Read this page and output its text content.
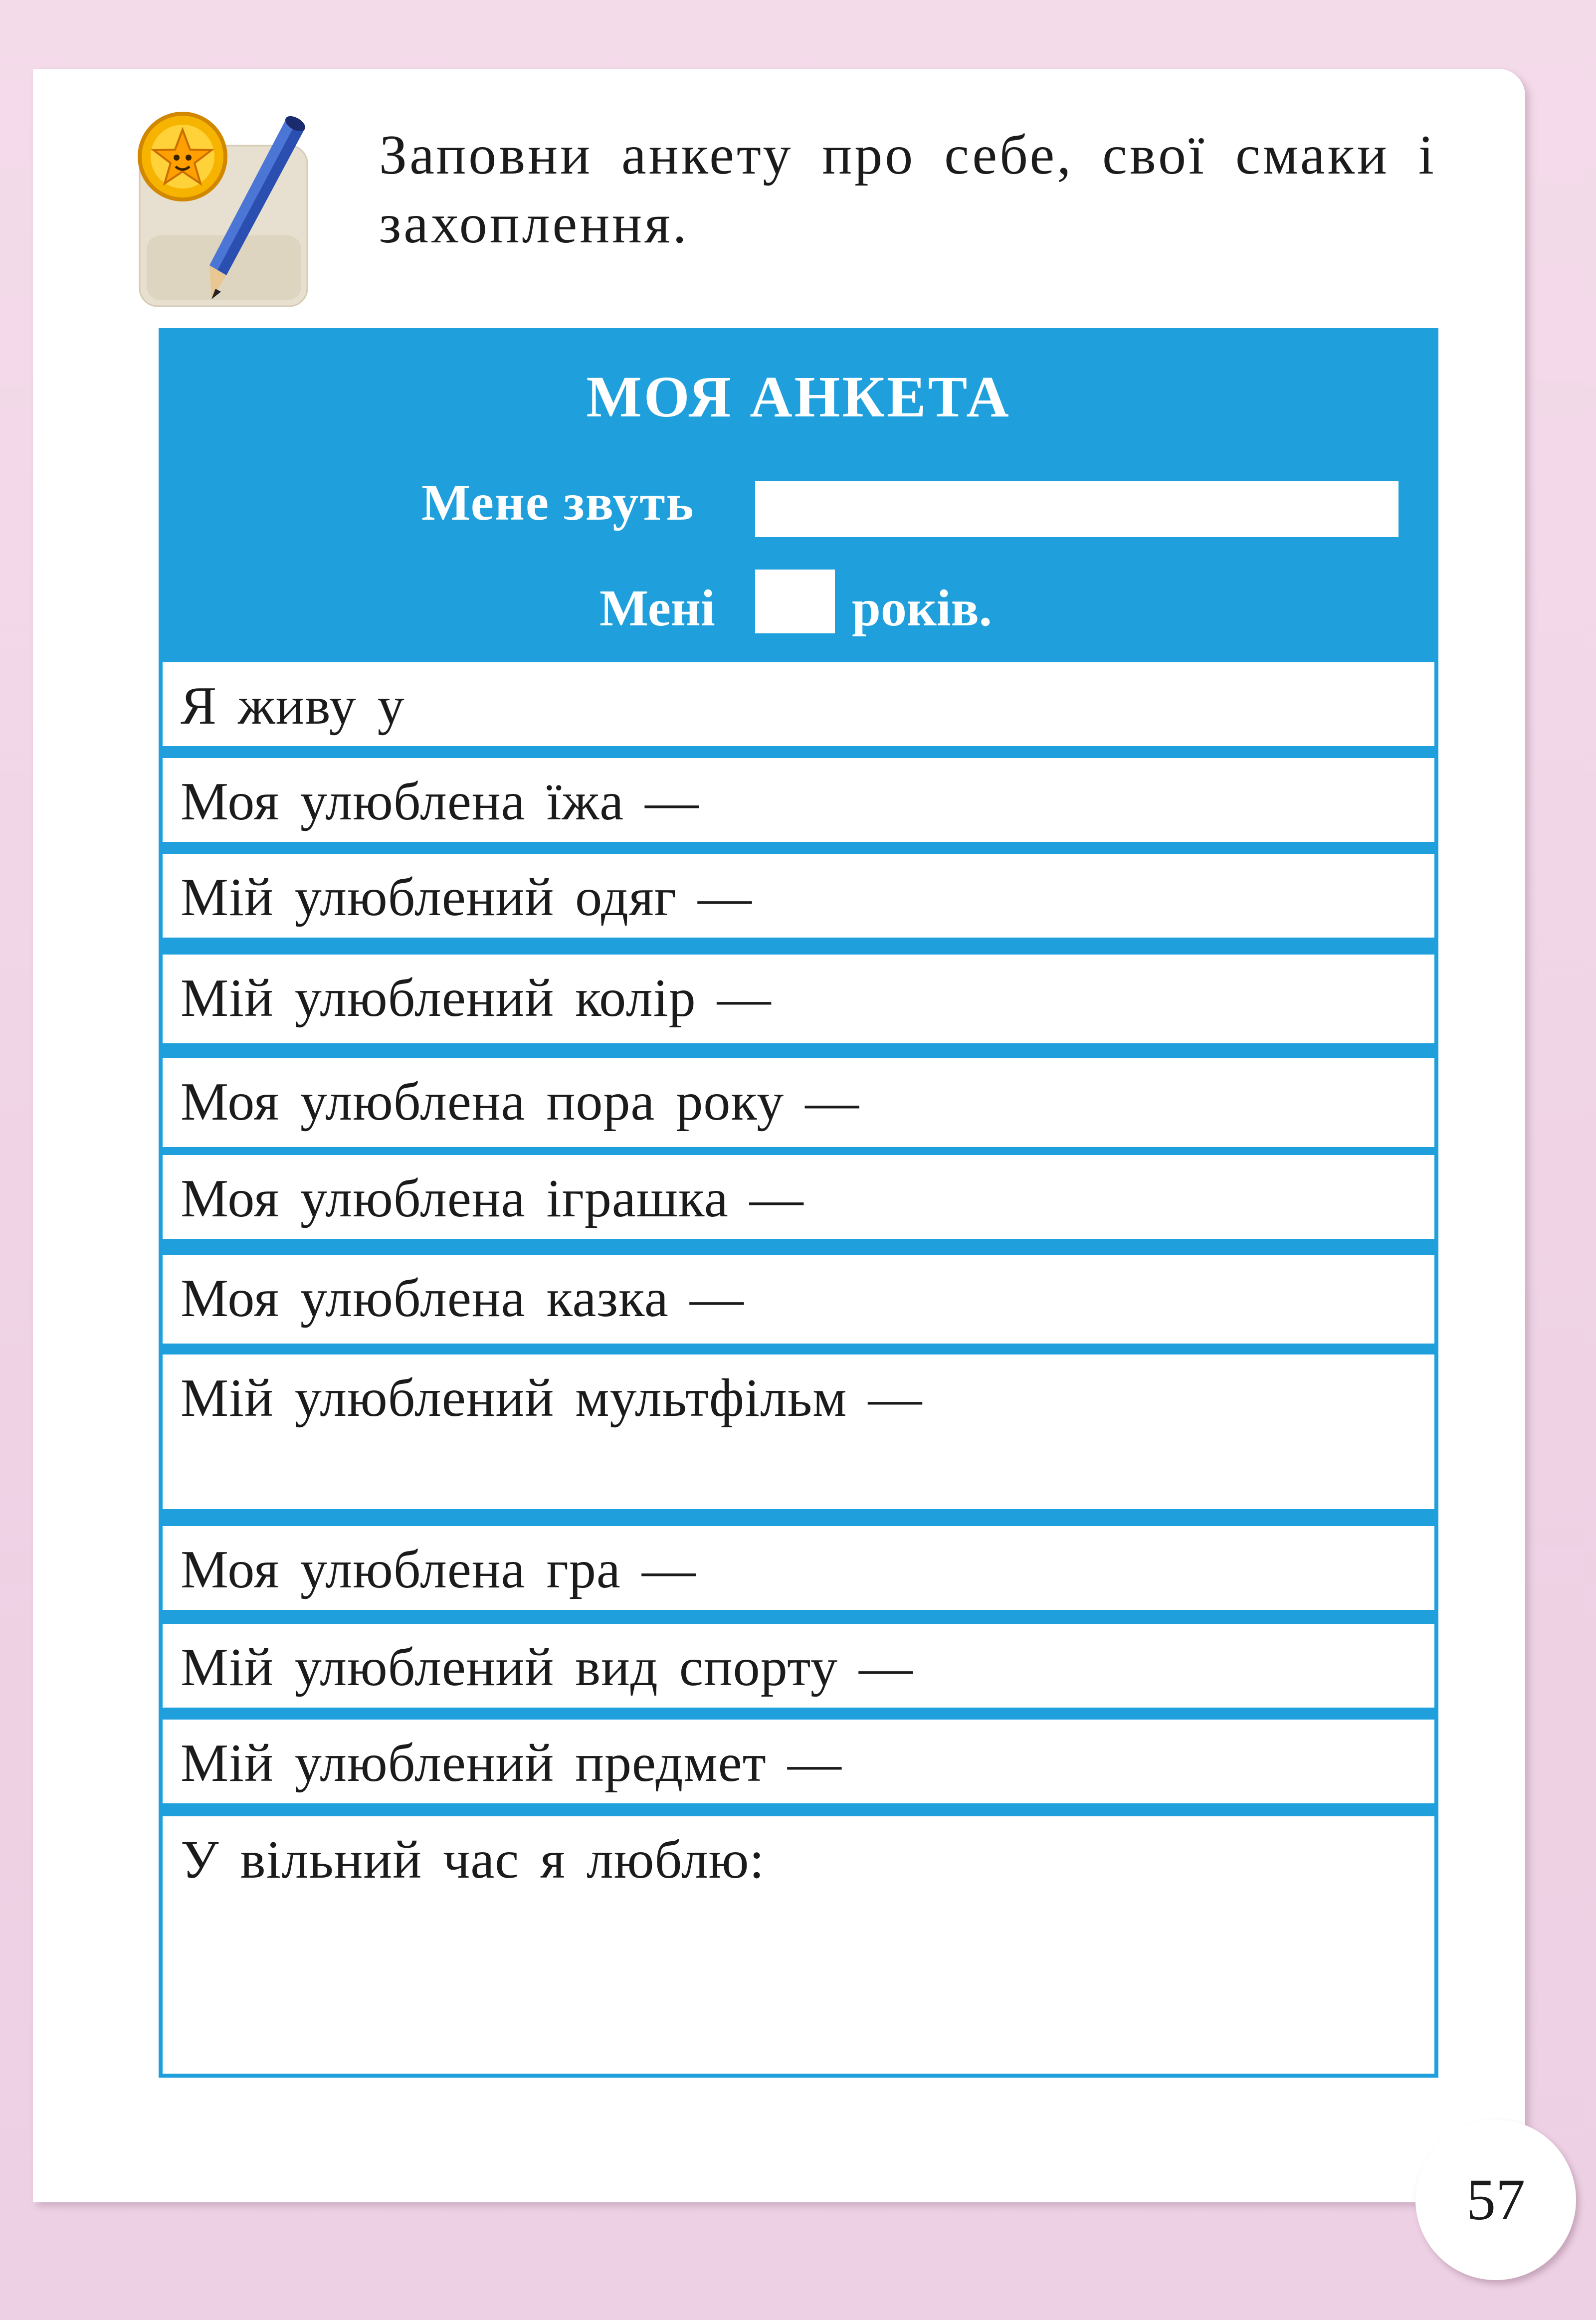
Заповни анкету про себе, свої смаки і захоплення.
МОЯ АНКЕТА
Мене звуть
Мені	років.
Я живу у
Моя улюблена їжа —
Мій улюблений одяг —
Мій улюблений колір —
Моя улюблена пора року —
Моя улюблена іграшка —
Моя улюблена казка —
Мій улюблений мультфільм —
Моя улюблена гра —
Мій улюблений вид спорту —
Мій улюблений предмет —
У вільний час я люблю:
57
